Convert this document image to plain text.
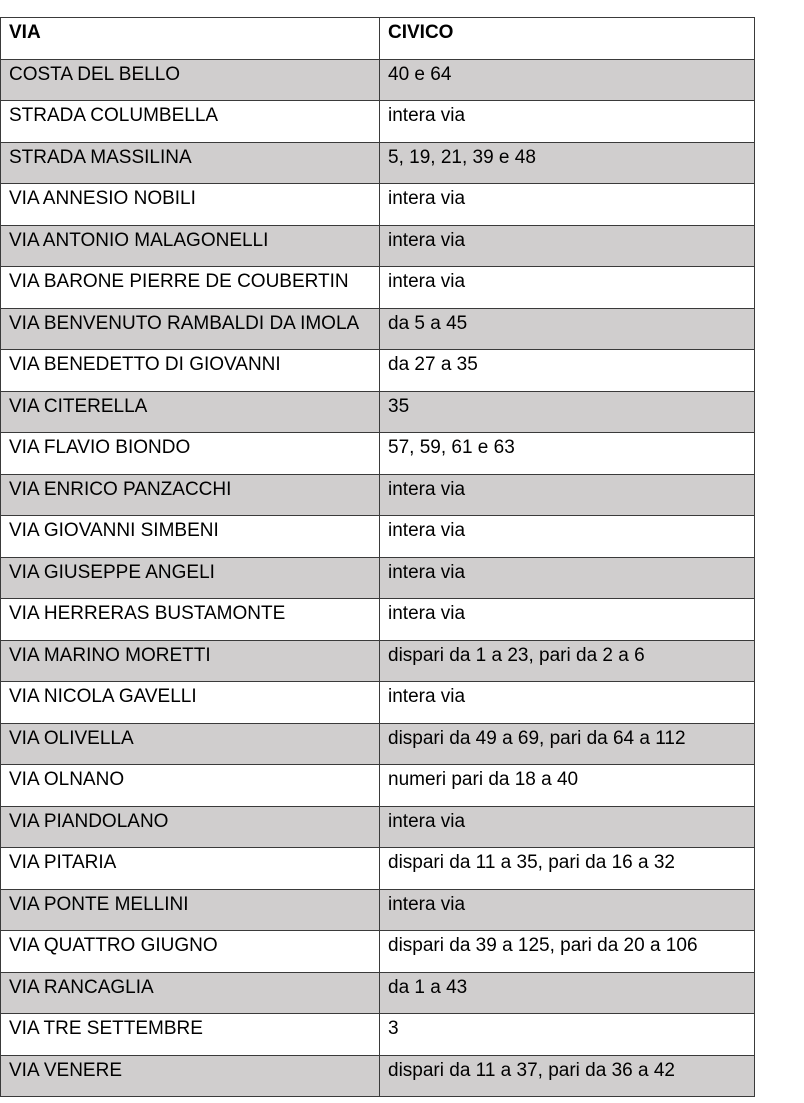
VIA	CIVICO
COSTA DEL BELLO	40 e 64
STRADA COLUMBELLA	intera via
STRADA MASSILINA	5, 19, 21, 39 e 48
VIA ANNESIO NOBILI	intera via
VIA ANTONIO MALAGONELLI	intera via
VIA BARONE PIERRE DE COUBERTIN	intera via
VIA BENVENUTO RAMBALDI DA IMOLA	da 5 a 45
VIA BENEDETTO DI GIOVANNI	da 27 a 35
VIA CITERELLA	35
VIA FLAVIO BIONDO	57, 59, 61 e 63
VIA ENRICO PANZACCHI	intera via
VIA GIOVANNI SIMBENI	intera via
VIA GIUSEPPE ANGELI	intera via
VIA HERRERAS BUSTAMONTE	intera via
VIA MARINO MORETTI	dispari da 1 a 23, pari da 2 a 6
VIA NICOLA GAVELLI	intera via
VIA OLIVELLA	dispari da 49 a 69, pari da 64 a 112
VIA OLNANO	numeri pari da 18 a 40
VIA PIANDOLANO	intera via
VIA PITARIA	dispari da 11 a 35, pari da 16 a 32
VIA PONTE MELLINI	intera via
VIA QUATTRO GIUGNO	dispari da 39 a 125, pari da 20 a 106
VIA RANCAGLIA	da 1 a 43
VIA TRE SETTEMBRE	3
VIA VENERE	dispari da 11 a 37, pari da 36 a 42
